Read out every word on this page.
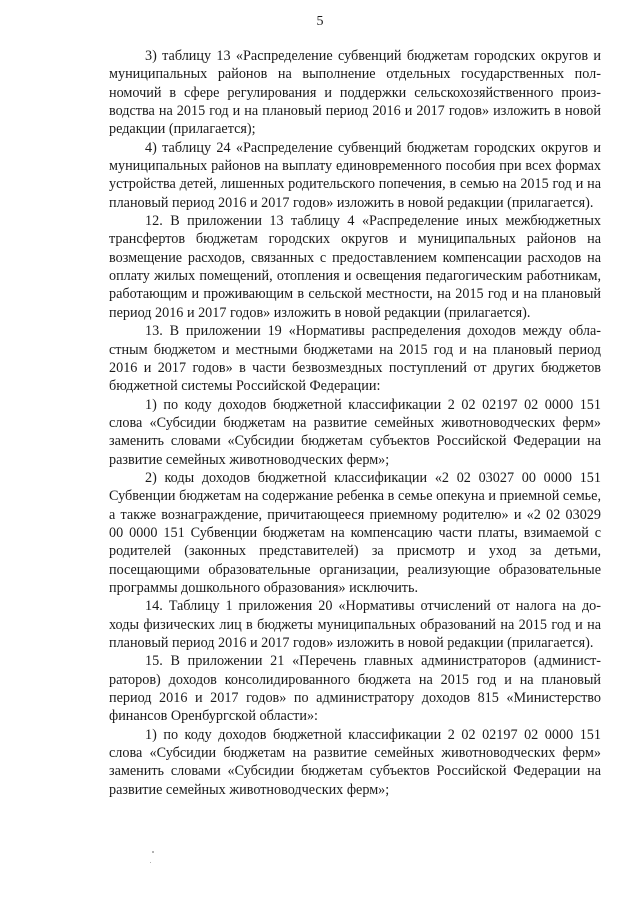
5

3) таблицу 13 «Распределение субвенций бюджетам городских округов и муниципальных районов на выполнение отдельных государственных полномочий в сфере регулирования и поддержки сельскохозяйственного производства на 2015 год и на плановый период 2016 и 2017 годов» изложить в новой редакции (прилагается);

4) таблицу 24 «Распределение субвенций бюджетам городских округов и муниципальных районов на выплату единовременного пособия при всех формах устройства детей, лишенных родительского попечения, в семью на 2015 год и на плановый период 2016 и 2017 годов» изложить в новой редакции (прилагается).

12. В приложении 13 таблицу 4 «Распределение иных межбюджетных трансфертов бюджетам городских округов и муниципальных районов на возмещение расходов, связанных с предоставлением компенсации расходов на оплату жилых помещений, отопления и освещения педагогическим работникам, работающим и проживающим в сельской местности, на 2015 год и на плановый период 2016 и 2017 годов» изложить в новой редакции (прилагается).

13. В приложении 19 «Нормативы распределения доходов между областным бюджетом и местными бюджетами на 2015 год и на плановый период 2016 и 2017 годов» в части безвозмездных поступлений от других бюджетов бюджетной системы Российской Федерации:

1) по коду доходов бюджетной классификации 2 02 02197 02 0000 151 слова «Субсидии бюджетам на развитие семейных животноводческих ферм» заменить словами «Субсидии бюджетам субъектов Российской Федерации на развитие семейных животноводческих ферм»;

2) коды доходов бюджетной классификации «2 02 03027 00 0000 151 Субвенции бюджетам на содержание ребенка в семье опекуна и приемной семье, а также вознаграждение, причитающееся приемному родителю» и «2 02 03029 00 0000 151 Субвенции бюджетам на компенсацию части платы, взимаемой с родителей (законных представителей) за присмотр и уход за детьми, посещающими образовательные организации, реализующие образовательные программы дошкольного образования» исключить.

14. Таблицу 1 приложения 20 «Нормативы отчислений от налога на доходы физических лиц в бюджеты муниципальных образований на 2015 год и на плановый период 2016 и 2017 годов» изложить в новой редакции (прилагается).

15. В приложении 21 «Перечень главных администраторов (администраторов) доходов консолидированного бюджета на 2015 год и на плановый период 2016 и 2017 годов» по администратору доходов 815 «Министерство финансов Оренбургской области»:

1) по коду доходов бюджетной классификации 2 02 02197 02 0000 151 слова «Субсидии бюджетам на развитие семейных животноводческих ферм» заменить словами «Субсидии бюджетам субъектов Российской Федерации на развитие семейных животноводческих ферм»;
